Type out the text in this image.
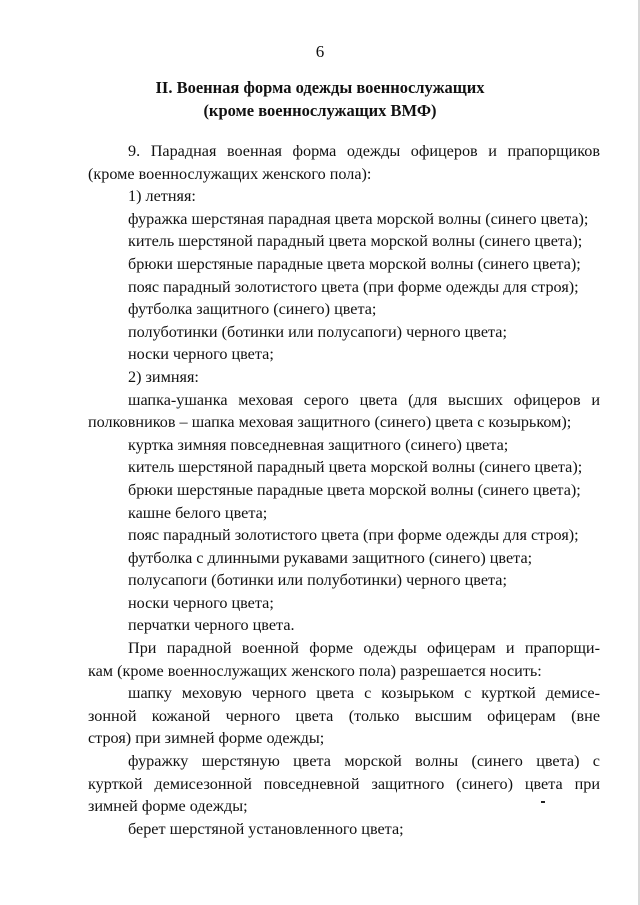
6
II. Военная форма одежды военнослужащих
(кроме военнослужащих ВМФ)

9. Парадная военная форма одежды офицеров и прапорщиков

(кроме военнослужащих женского пола):

1) летняя:

фуражка шерстяная парадная цвета морской волны (синего цвета);

китель шерстяной парадный цвета морской волны (синего цвета);

брюки шерстяные парадные цвета морской волны (синего цвета);

пояс парадный золотистого цвета (при форме одежды для строя);

футболка защитного (синего) цвета;

полуботинки (ботинки или полусапоги) черного цвета;

носки черного цвета;

2) зимняя:

шапка-ушанка меховая серого цвета (для высших офицеров и

полковников – шапка меховая защитного (синего) цвета с козырьком);

куртка зимняя повседневная защитного (синего) цвета;

китель шерстяной парадный цвета морской волны (синего цвета);

брюки шерстяные парадные цвета морской волны (синего цвета);

кашне белого цвета;

пояс парадный золотистого цвета (при форме одежды для строя);

футболка с длинными рукавами защитного (синего) цвета;

полусапоги (ботинки или полуботинки) черного цвета;

носки черного цвета;

перчатки черного цвета.

При парадной военной форме одежды офицерам и прапорщи-

кам (кроме военнослужащих женского пола) разрешается носить:

шапку меховую черного цвета с козырьком с курткой демисе-

зонной кожаной черного цвета (только высшим офицерам (вне

строя) при зимней форме одежды;

фуражку шерстяную цвета морской волны (синего цвета) с

курткой демисезонной повседневной защитного (синего) цвета при

зимней форме одежды;

берет шерстяной установленного цвета;
